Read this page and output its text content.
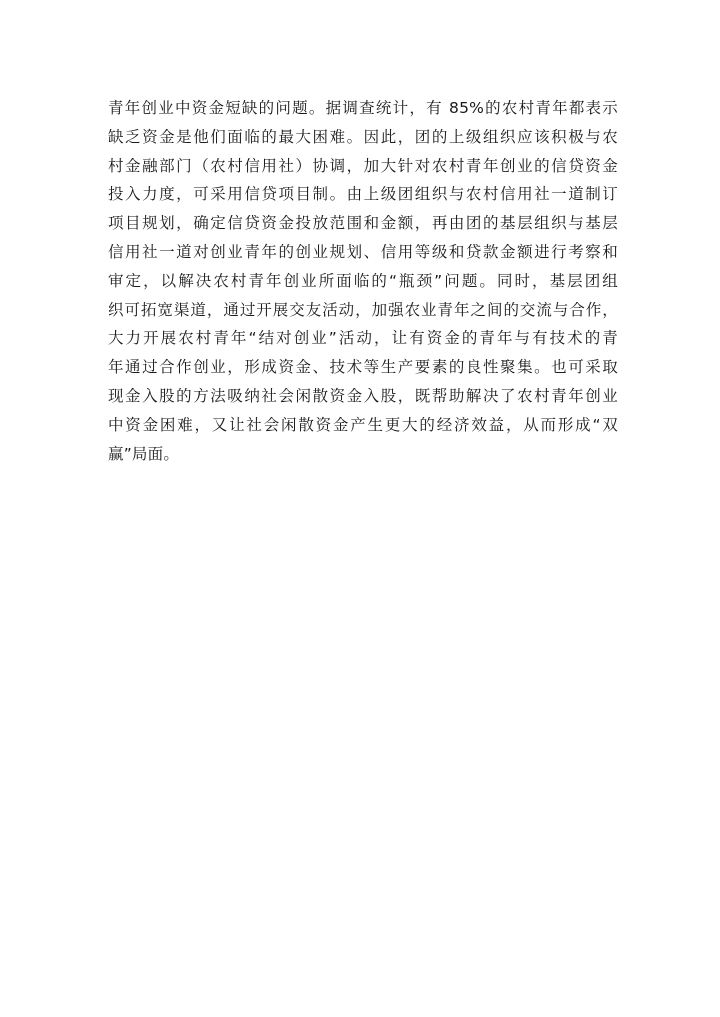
青年创业中资金短缺的问题。据调查统计，有 85%的农村青年都表示
缺乏资金是他们面临的最大困难。因此，团的上级组织应该积极与农
村金融部门（农村信用社）协调，加大针对农村青年创业的信贷资金
投入力度，可采用信贷项目制。由上级团组织与农村信用社一道制订
项目规划，确定信贷资金投放范围和金额，再由团的基层组织与基层
信用社一道对创业青年的创业规划、信用等级和贷款金额进行考察和
审定，以解决农村青年创业所面临的“瓶颈”问题。同时，基层团组
织可拓宽渠道，通过开展交友活动，加强农业青年之间的交流与合作，
大力开展农村青年“结对创业”活动，让有资金的青年与有技术的青
年通过合作创业，形成资金、技术等生产要素的良性聚集。也可采取
现金入股的方法吸纳社会闲散资金入股，既帮助解决了农村青年创业
中资金困难，又让社会闲散资金产生更大的经济效益，从而形成“双
赢”局面。
